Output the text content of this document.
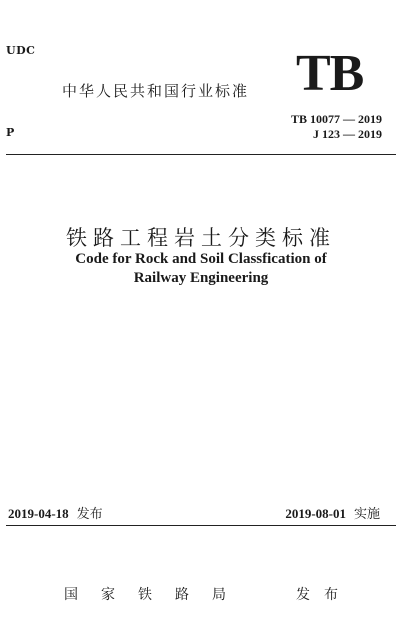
UDC
P
中华人民共和国行业标准 TB
TB 10077 — 2019
J 123 — 2019
铁路工程岩土分类标准
Code for Rock and Soil Classfication of
Railway Engineering
2019-04-18 发布	2019-08-01 实施
国家铁路局	发布
